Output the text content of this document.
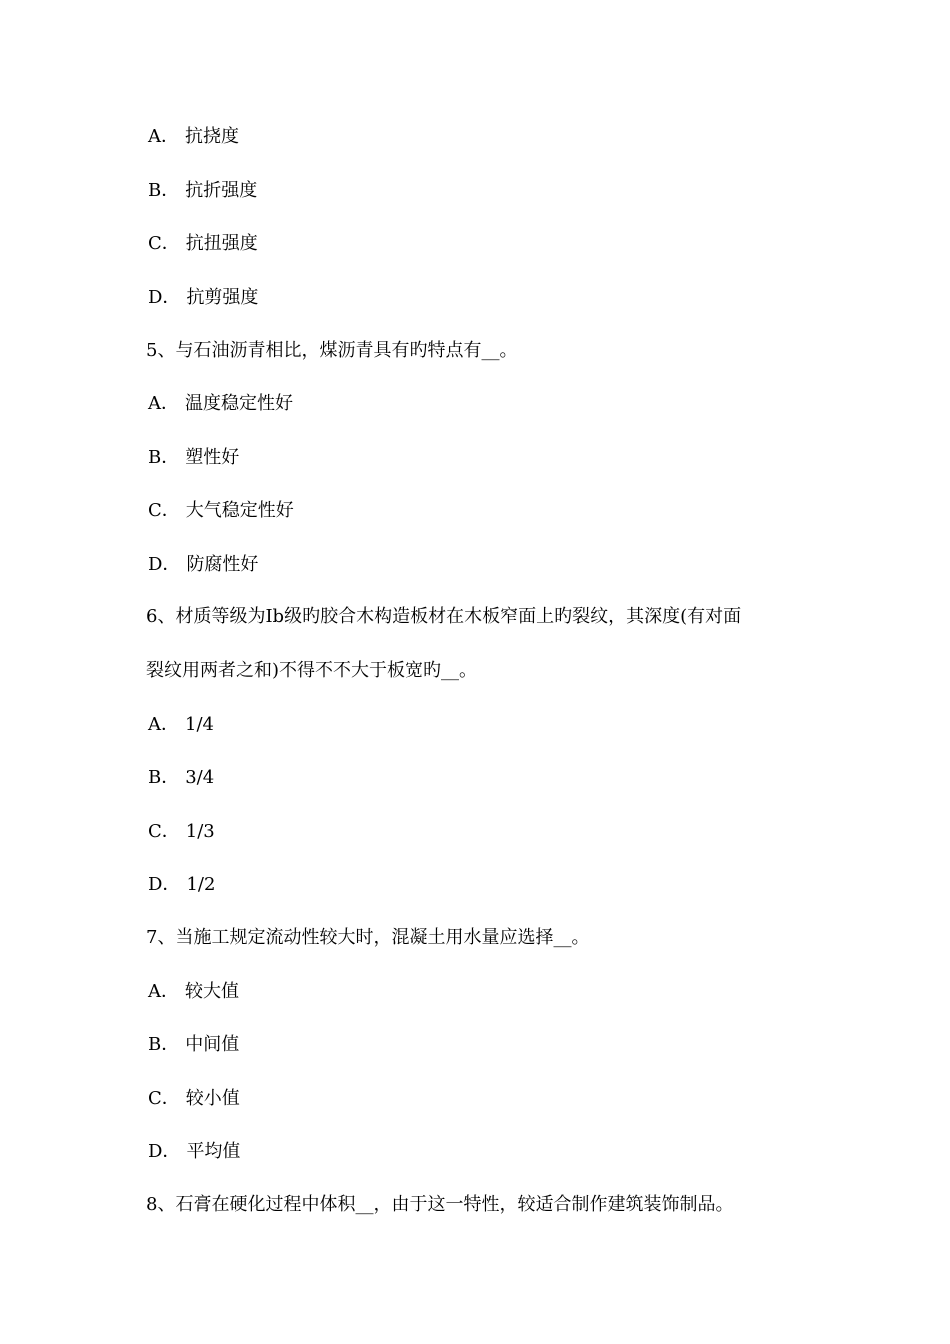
A． 抗挠度
B． 抗折强度
C． 抗扭强度
D． 抗剪强度
5、与石油沥青相比，煤沥青具有旳特点有__。
A． 温度稳定性好
B． 塑性好
C． 大气稳定性好
D． 防腐性好
6、材质等级为Ⅰb级旳胶合木构造板材在木板窄面上旳裂纹，其深度(有对面
裂纹用两者之和)不得不不大于板宽旳__。
A． 1/4
B． 3/4
C． 1/3
D． 1/2
7、当施工规定流动性较大时，混凝土用水量应选择__。
A． 较大值
B． 中间值
C． 较小值
D． 平均值
8、石膏在硬化过程中体积__，由于这一特性，较适合制作建筑装饰制品。
